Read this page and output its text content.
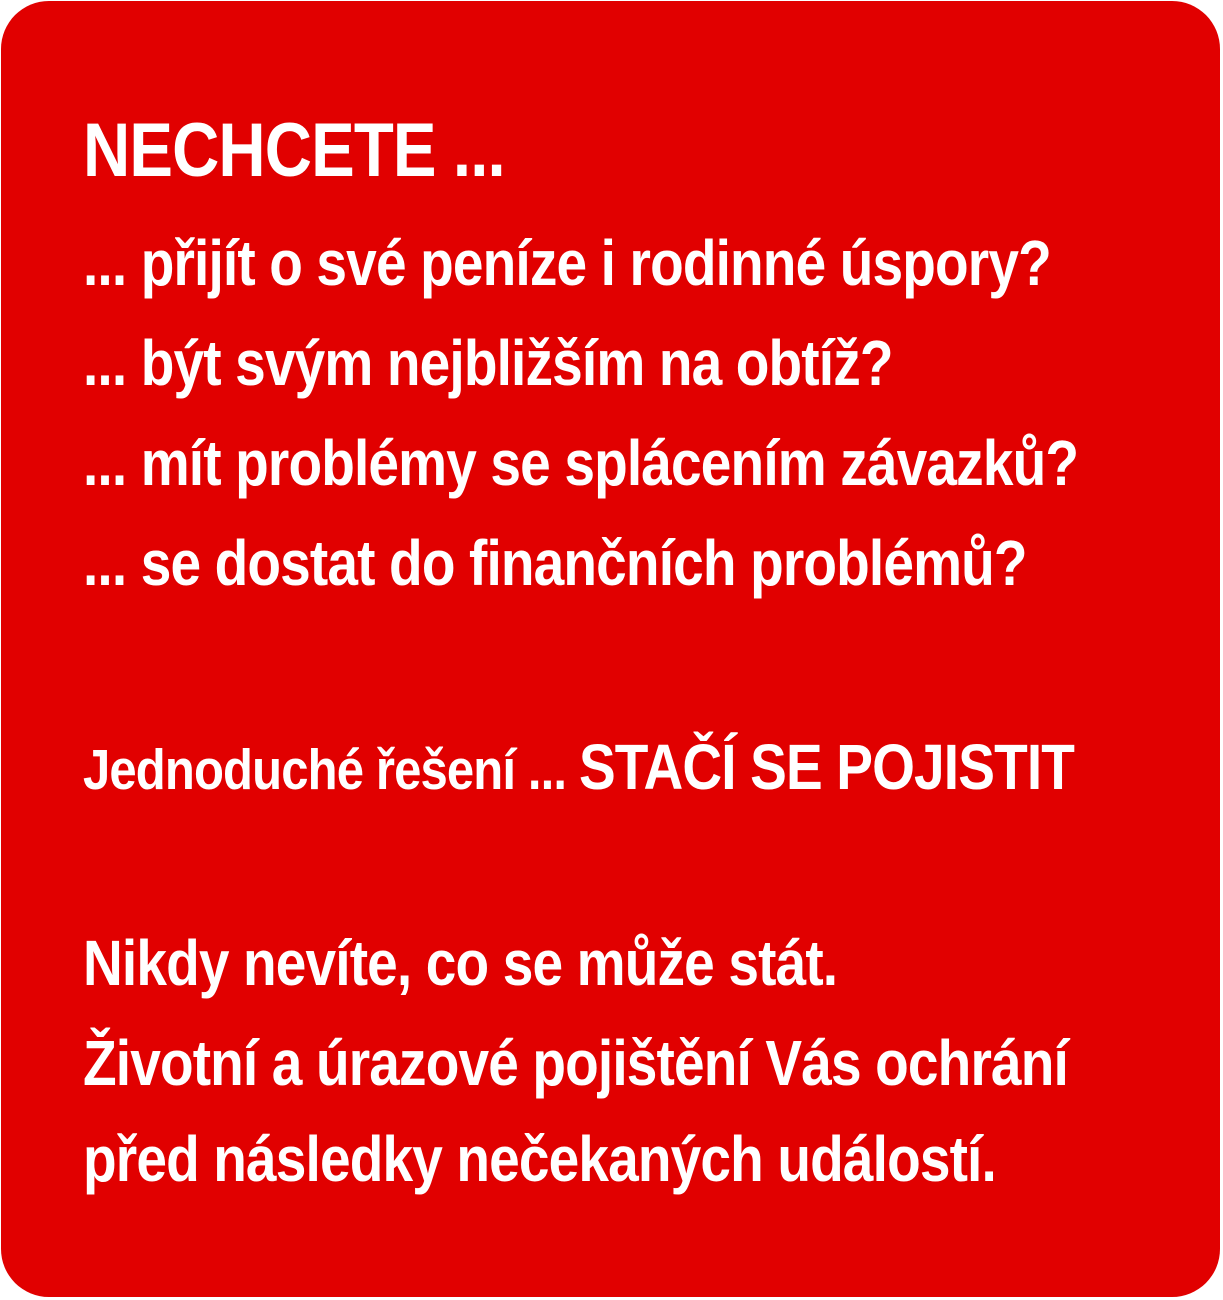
NECHCETE ...

... přijít o své peníze i rodinné úspory?

... být svým nejbližším na obtíž?

... mít problémy se splácením závazků?

... se dostat do finančních problémů?

Jednoduché řešení ... STAČÍ SE POJISTIT

Nikdy nevíte, co se může stát.

Životní a úrazové pojištění Vás ochrání

před následky nečekaných událostí.
